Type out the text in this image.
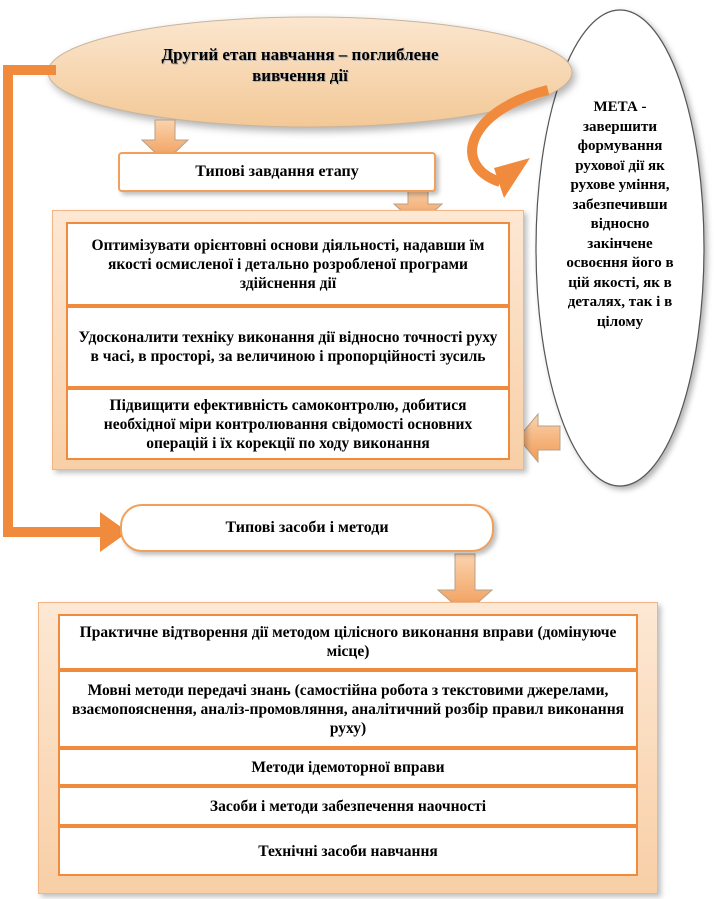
Другий етап навчання – поглиблене вивчення дії
Типові завдання етапу
Оптимізувати орієнтовні основи діяльності, надавши їм якості осмисленої і детально розробленої програми здійснення дії
Удосконалити техніку виконання дії відносно точності руху в часі, в просторі, за величиною і пропорційності зусиль
Підвищити ефективність самоконтролю, добитися необхідної міри контролювання свідомості основних операцій і їх корекції по ходу виконання
МЕТА -
завершити формування рухової дії як рухове уміння, забезпечивши відносно закінчене освоєння його в цій якості, як в деталях, так і в цілому
Типові засоби і методи
Практичне відтворення дії методом цілісного виконання вправи (домінуюче місце)
Мовні методи передачі знань (самостійна робота з текстовими джерелами, взаємопояснення, аналіз-промовляння, аналітичний розбір правил виконання руху)
Методи ідемоторної вправи
Засоби і методи забезпечення наочності
Технічні засоби навчання
